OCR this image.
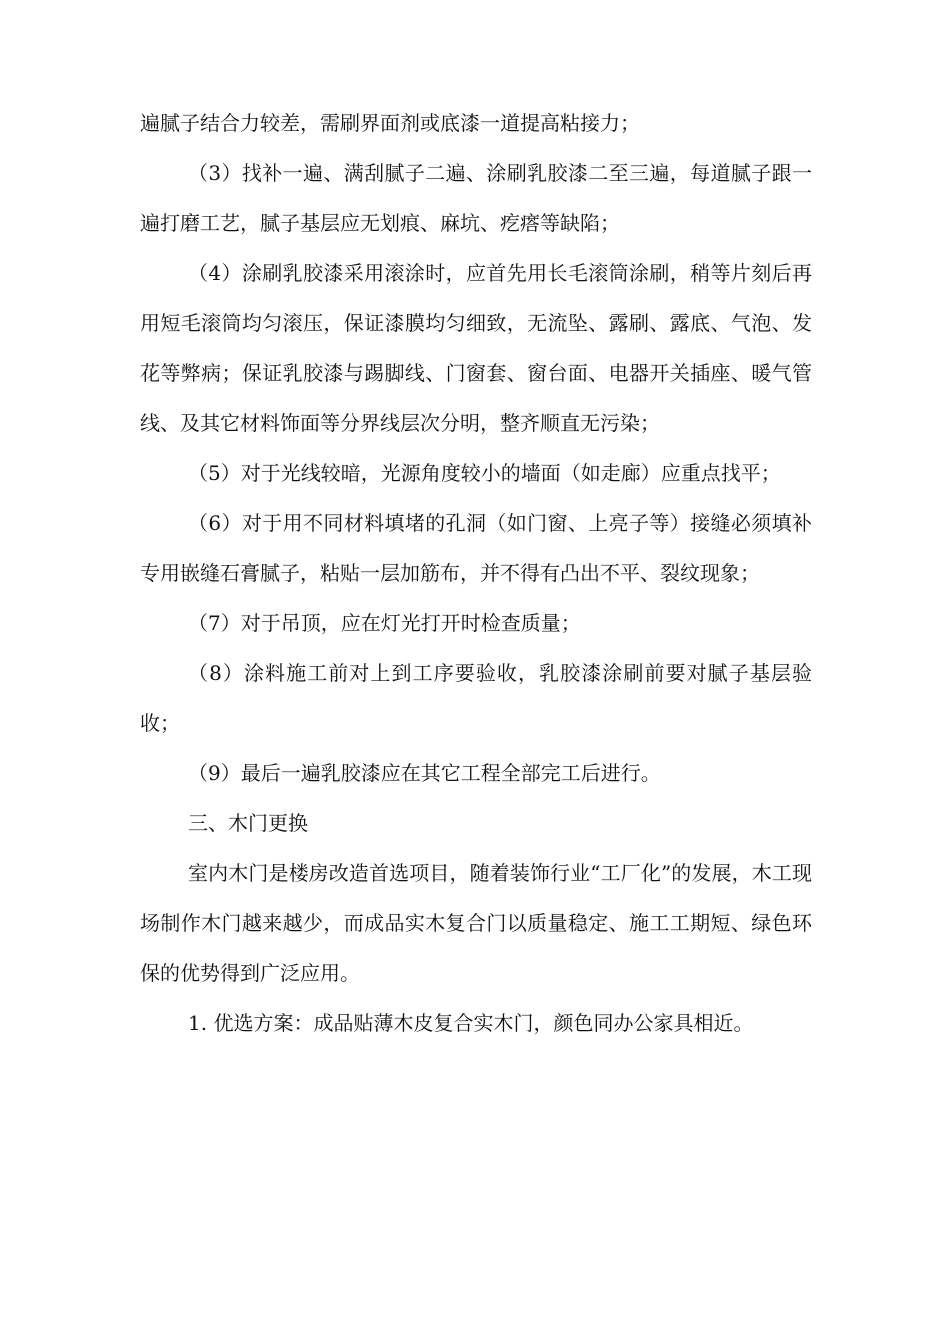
遍腻子结合力较差，需刷界面剂或底漆一道提高粘接力；

（3）找补一遍、满刮腻子二遍、涂刷乳胶漆二至三遍，每道腻子跟一遍打磨工艺，腻子基层应无划痕、麻坑、疙瘩等缺陷；

（4）涂刷乳胶漆采用滚涂时，应首先用长毛滚筒涂刷，稍等片刻后再用短毛滚筒均匀滚压，保证漆膜均匀细致，无流坠、露刷、露底、气泡、发花等弊病；保证乳胶漆与踢脚线、门窗套、窗台面、电器开关插座、暖气管线、及其它材料饰面等分界线层次分明，整齐顺直无污染；

（5）对于光线较暗，光源角度较小的墙面（如走廊）应重点找平；

（6）对于用不同材料填堵的孔洞（如门窗、上亮子等）接缝必须填补专用嵌缝石膏腻子，粘贴一层加筋布，并不得有凸出不平、裂纹现象；

（7）对于吊顶，应在灯光打开时检查质量；

（8）涂料施工前对上到工序要验收，乳胶漆涂刷前要对腻子基层验收；

（9）最后一遍乳胶漆应在其它工程全部完工后进行。

三、木门更换

室内木门是楼房改造首选项目，随着装饰行业“工厂化”的发展，木工现场制作木门越来越少，而成品实木复合门以质量稳定、施工工期短、绿色环保的优势得到广泛应用。

1. 优选方案：成品贴薄木皮复合实木门，颜色同办公家具相近。
